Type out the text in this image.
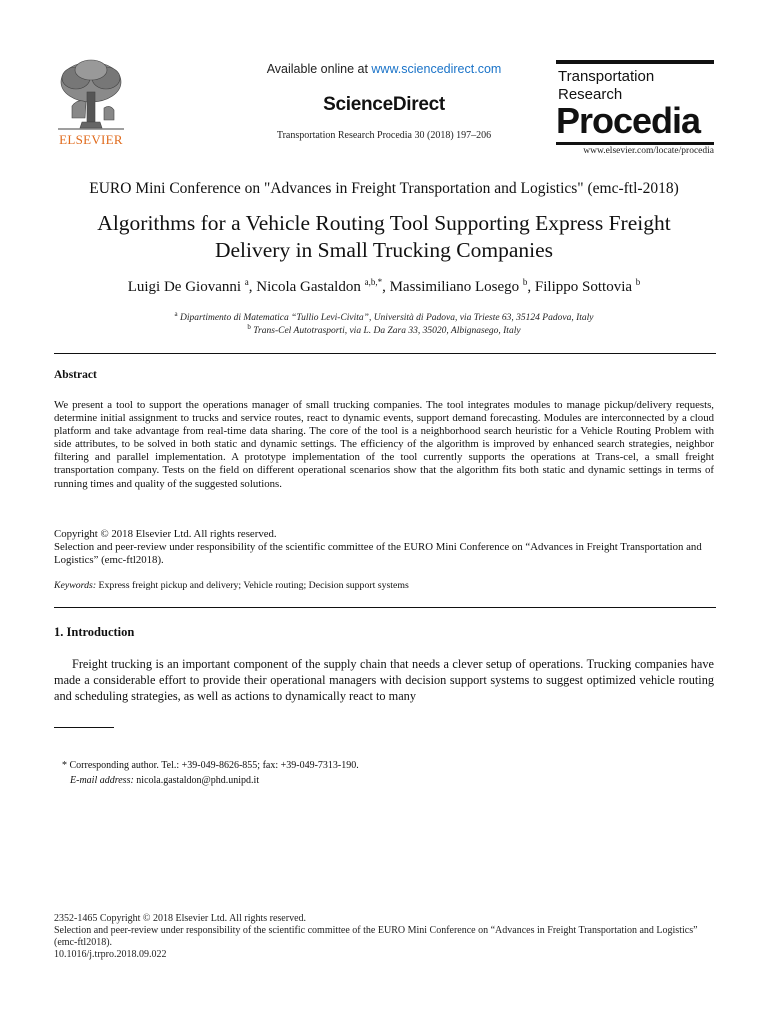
ELSEVIER
Available online at www.sciencedirect.com
ScienceDirect
Transportation Research Procedia 30 (2018) 197–206
Transportation
Research
Procedia
www.elsevier.com/locate/procedia
EURO Mini Conference on "Advances in Freight Transportation and Logistics" (emc-ftl-2018)
Algorithms for a Vehicle Routing Tool Supporting Express Freight
Delivery in Small Trucking Companies
Luigi De Giovanni $^a$, Nicola Gastaldon $^{a,b,*}$, Massimiliano Losego $^b$, Filippo Sottovia $^b$
$^a$ Dipartimento di Matematica “Tullio Levi-Civita”, Università di Padova, via Trieste 63, 35124 Padova, Italy
$^b$ Trans-Cel Autotrasporti, via L. Da Zara 33, 35020, Albignasego, Italy
Abstract
We present a tool to support the operations manager of small trucking companies. The tool integrates modules to manage pickup/delivery requests, determine initial assignment to trucks and service routes, react to dynamic events, support demand forecasting. Modules are interconnected by a cloud platform and take advantage from real-time data sharing. The core of the tool is a neighborhood search heuristic for a Vehicle Routing Problem with side attributes, to be solved in both static and dynamic settings. The efficiency of the algorithm is improved by enhanced search strategies, neighbor filtering and parallel implementation. A prototype implementation of the tool currently supports the operations at Trans-cel, a small freight transportation company. Tests on the field on different operational scenarios show that the algorithm fits both static and dynamic settings in terms of running times and quality of the suggested solutions.
Copyright © 2018 Elsevier Ltd. All rights reserved.
Selection and peer-review under responsibility of the scientific committee of the EURO Mini Conference on “Advances in Freight Transportation and Logistics” (emc-ftl2018).
Keywords: Express freight pickup and delivery; Vehicle routing; Decision support systems
1. Introduction
Freight trucking is an important component of the supply chain that needs a clever setup of operations. Trucking companies have made a considerable effort to provide their operational managers with decision support systems to suggest optimized vehicle routing and scheduling strategies, as well as actions to dynamically react to many
* Corresponding author. Tel.: +39-049-8626-855; fax: +39-049-7313-190.
E-mail address: nicola.gastaldon@phd.unipd.it
2352-1465 Copyright © 2018 Elsevier Ltd. All rights reserved.
Selection and peer-review under responsibility of the scientific committee of the EURO Mini Conference on “Advances in Freight Transportation and Logistics” (emc-ftl2018).
10.1016/j.trpro.2018.09.022
